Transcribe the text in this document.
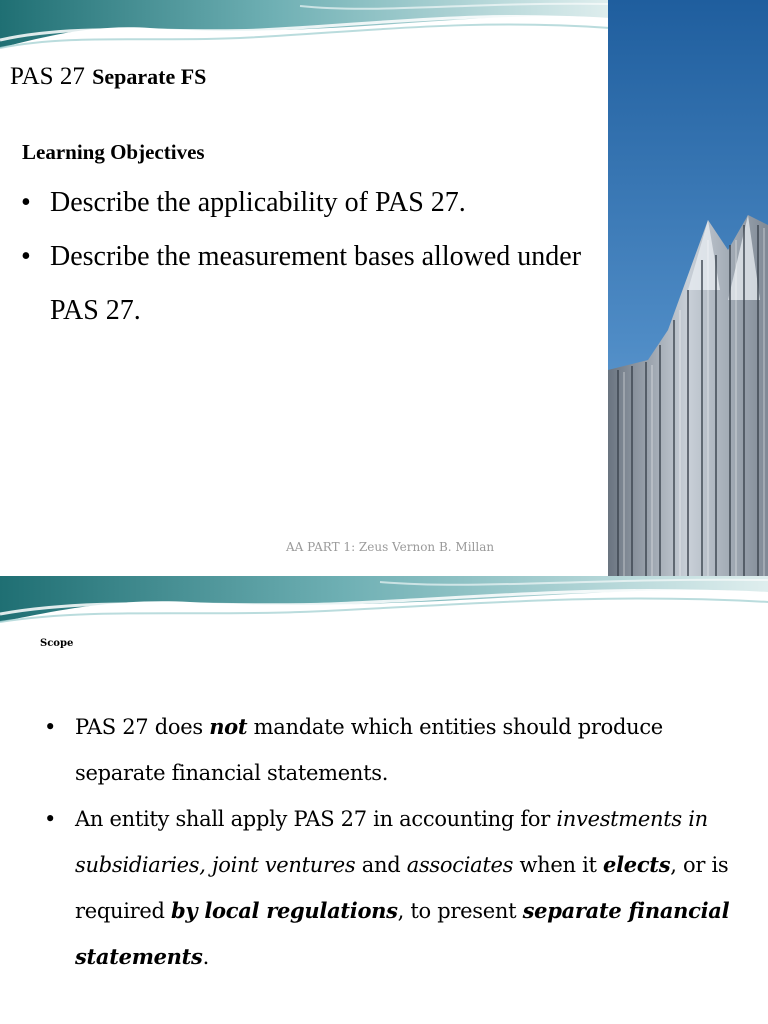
PAS 27 Separate FS
Learning Objectives
• Describe the applicability of PAS 27.
• Describe the measurement bases allowed under PAS 27.
AA PART 1: Zeus Vernon B. Millan
Scope
• PAS 27 does not mandate which entities should produce separate financial statements.
• An entity shall apply PAS 27 in accounting for investments in subsidiaries, joint ventures and associates when it elects, or is required by local regulations, to present separate financial statements.
